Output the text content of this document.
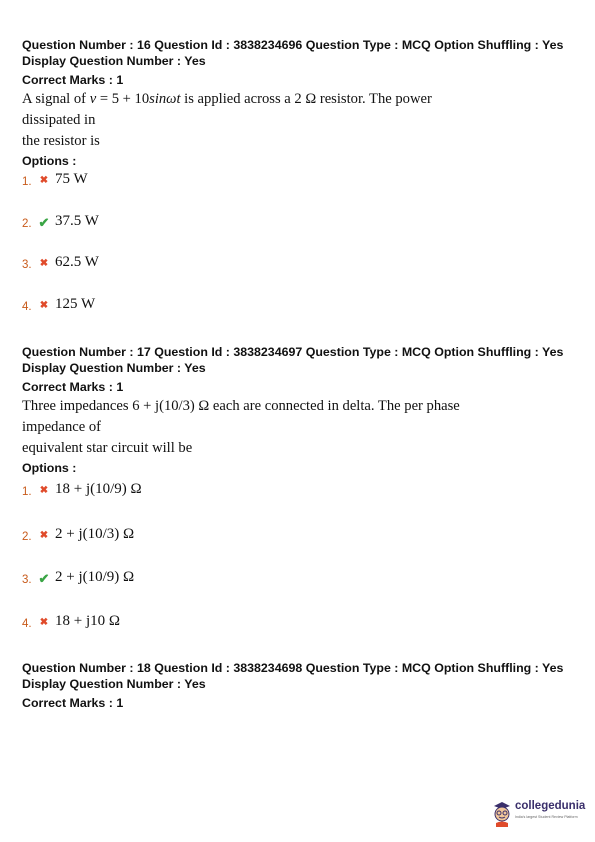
Question Number : 16 Question Id : 3838234696 Question Type : MCQ Option Shuffling : Yes
Display Question Number : Yes
Correct Marks : 1
A signal of v = 5 + 10sinωt is applied across a 2 Ω resistor. The power dissipated in
the resistor is
Options :
1. ✖ 75 W
2. ✔ 37.5 W
3. ✖ 62.5 W
4. ✖ 125 W
Question Number : 17 Question Id : 3838234697 Question Type : MCQ Option Shuffling : Yes
Display Question Number : Yes
Correct Marks : 1
Three impedances 6 + j(10/3) Ω each are connected in delta. The per phase impedance of
equivalent star circuit will be
Options :
1. ✖ 18 + j(10/9) Ω
2. ✖ 2 + j(10/3) Ω
3. ✔ 2 + j(10/9) Ω
4. ✖ 18 + j10 Ω
Question Number : 18 Question Id : 3838234698 Question Type : MCQ Option Shuffling : Yes
Display Question Number : Yes
Correct Marks : 1
collegedunia
India's largest Student Review Platform
